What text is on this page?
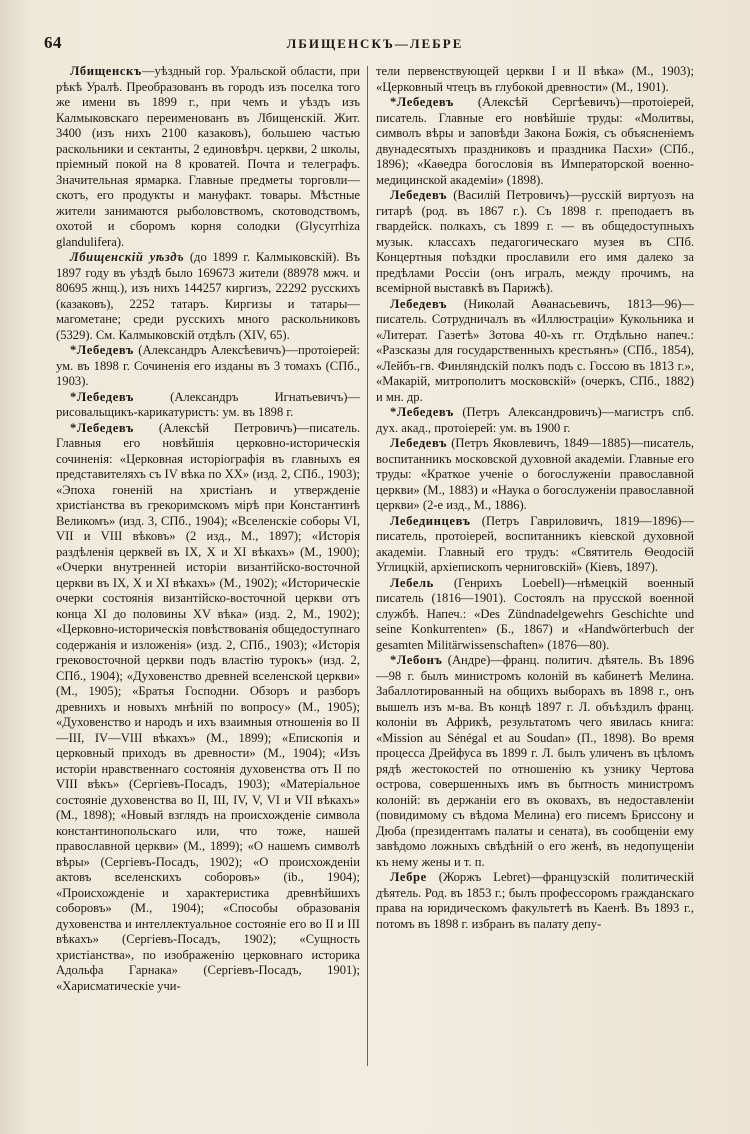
64	ЛБИЩЕНСКЪ—ЛЕБРЕ

Лбищенскъ—уѣздный гор. Уральской области, при рѣкѣ Уралѣ. Преобразованъ въ городъ изъ поселка того же имени въ 1899 г., при чемъ и уѣздъ изъ Калмыковскаго переименованъ въ Лбищенскій. Жит. 3400 (изъ нихъ 2100 казаковъ), большею частью раскольники и сектанты, 2 единовѣрч. церкви, 2 школы, пріемный покой на 8 кроватей. Почта и телеграфъ. Значительная ярмарка. Главные предметы торговли—скотъ, его продукты и мануфакт. товары. Мѣстные жители занимаются рыболовствомъ, скотоводствомъ, охотой и сборомъ корня солодки (Glycyrrhiza glandulifera).

Лбищенскій уѣздъ (до 1899 г. Калмыковскій). Въ 1897 году въ уѣздѣ было 169673 жители (88978 мжч. и 80695 жнщ.), изъ нихъ 144257 киргизъ, 22292 русскихъ (казаковъ), 2252 татаръ. Киргизы и татары—магометане; среди русскихъ много раскольниковъ (5329). См. Калмыковскій отдѣлъ (XIV, 65).

*Лебедевъ (Александръ Алексѣевичъ)—протоіерей: ум. въ 1898 г. Сочиненія его изданы въ 3 томахъ (СПб., 1903).

*Лебедевъ (Александръ Игнатьевичъ)—рисовальщикъ-карикатуристъ: ум. въ 1898 г.

*Лебедевъ (Алексѣй Петровичъ)—писатель. Главныя его новѣйшія церковно-историческія сочиненія: «Церковная исторіографія въ главныхъ ея представителяхъ съ IV вѣка по XX» (изд. 2, СПб., 1903); «Эпоха гоненій на христіанъ и утвержденіе христіанства въ грекоримскомъ мірѣ при Константинѣ Великомъ» (изд. 3, СПб., 1904); «Вселенскіе соборы VI, VII и VIII вѣковъ» (2 изд., М., 1897); «Исторія раздѣленія церквей въ IX, X и XI вѣкахъ» (М., 1900); «Очерки внутренней исторіи византійско-восточной церкви въ IX, X и XI вѣкахъ» (М., 1902); «Историческіе очерки состоянія византійско-восточной церкви отъ конца XI до половины XV вѣка» (изд. 2, М., 1902); «Церковно-историческія повѣствованія общедоступнаго содержанія и изложенія» (изд. 2, СПб., 1903); «Исторія грековосточной церкви подъ властію турокъ» (изд. 2, СПб., 1904); «Духовенство древней вселенской церкви» (М., 1905); «Братья Господни. Обзоръ и разборъ древнихъ и новыхъ мнѣній по вопросу» (М., 1905); «Духовенство и народъ и ихъ взаимныя отношенія во II—III, IV—VIII вѣкахъ» (М., 1899); «Епископія и церковный приходъ въ древности» (М., 1904); «Изъ исторіи нравственнаго состоянія духовенства отъ II по VIII вѣкъ» (Сергіевъ-Посадъ, 1903); «Матеріальное состояніе духовенства во II, III, IV, V, VI и VII вѣкахъ» (М., 1898); «Новый взглядъ на происхожденіе символа константинопольскаго или, что тоже, нашей православной церкви» (М., 1899); «О нашемъ символѣ вѣры» (Сергіевъ-Посадъ, 1902); «О происхожденіи актовъ вселенскихъ соборовъ» (ib., 1904); «Происхожденіе и характеристика древнѣйшихъ соборовъ» (М., 1904); «Способы образованія духовенства и интеллектуальное состояніе его во II и III вѣкахъ» (Сергіевъ-Посадъ, 1902); «Сущность христіанства», по изображенію церковнаго историка Адольфа Гарнака» (Сергіевъ-Посадъ, 1901); «Харисматическіе учи-

тели первенствующей церкви I и II вѣка» (М., 1903); «Церковный чтецъ въ глубокой древности» (М., 1901).

*Лебедевъ (Алексѣй Сергѣевичъ)—протоіерей, писатель. Главные его новѣйшіе труды: «Молитвы, символъ вѣры и заповѣди Закона Божія, съ объясненіемъ двунадесятыхъ праздниковъ и праздника Пасхи» (СПб., 1896); «Каѳедра богословія въ Императорской военно-медицинской академіи» (1898).

Лебедевъ (Василій Петровичъ)—русскій виртуозъ на гитарѣ (род. въ 1867 г.). Съ 1898 г. преподаетъ въ гвардейск. полкахъ, съ 1899 г. — въ общедоступныхъ музык. классахъ педагогическаго музея въ СПб. Концертныя поѣздки прославили его имя далеко за предѣлами Россіи (онъ игралъ, между прочимъ, на всемірной выставкѣ въ Парижѣ).

Лебедевъ (Николай Аѳанасьевичъ, 1813—96)—писатель. Сотрудничалъ въ «Иллюстраціи» Кукольника и «Литерат. Газетѣ» Зотова 40-хъ гг. Отдѣльно напеч.: «Разсказы для государственныхъ крестьянъ» (СПб., 1854), «Лейбъ-гв. Финляндскій полкъ подъ с. Госсою въ 1813 г.», «Макарій, митрополитъ московскій» (очеркъ, СПб., 1882) и мн. др.

*Лебедевъ (Петръ Александровичъ)—магистръ спб. дух. акад., протоіерей: ум. въ 1900 г.

Лебедевъ (Петръ Яковлевичъ, 1849—1885)—писатель, воспитанникъ московской духовной академіи. Главные его труды: «Краткое ученіе о богослуженіи православной церкви» (М., 1883) и «Наука о богослуженіи православной церкви» (2-е изд., М., 1886).

Лебединцевъ (Петръ Гавриловичъ, 1819—1896)—писатель, протоіерей, воспитанникъ кіевской духовной академіи. Главный его трудъ: «Святитель Ѳеодосій Углицкій, архіепископъ черниговскій» (Кіевъ, 1897).

Лебель (Генрихъ Loebell)—нѣмецкій военный писатель (1816—1901). Состоялъ на прусской военной службѣ. Напеч.: «Des Zündnadelgewehrs Geschichte und seine Konkurrenten» (Б., 1867) и «Handwörterbuch der gesamten Militärwissenschaften» (1876—80).

*Лебонъ (Андре)—франц. политич. дѣятель. Въ 1896—98 г. былъ министромъ колоній въ кабинетѣ Мелина. Забаллотированный на общихъ выборахъ въ 1898 г., онъ вышелъ изъ м-ва. Въ концѣ 1897 г. Л. объѣздилъ франц. колоніи въ Африкѣ, результатомъ чего явилась книга: «Mission au Sénégal et au Soudan» (П., 1898). Во время процесса Дрейфуса въ 1899 г. Л. былъ уличенъ въ цѣломъ рядѣ жестокостей по отношенію къ узнику Чертова острова, совершенныхъ имъ въ бытность министромъ колоній: въ держаніи его въ оковахъ, въ недоставленіи (повидимому съ вѣдома Мелина) его писемъ Бриссону и Дюба (президентамъ палаты и сената), въ сообщеніи ему завѣдомо ложныхъ свѣдѣній о его женѣ, въ недопущеніи къ нему жены и т. п.

Лебре (Жоржъ Lebret)—французскій политическій дѣятель. Род. въ 1853 г.; былъ профессоромъ гражданскаго права на юридическомъ факультетѣ въ Каенѣ. Въ 1893 г., потомъ въ 1898 г. избранъ въ палату депу-
